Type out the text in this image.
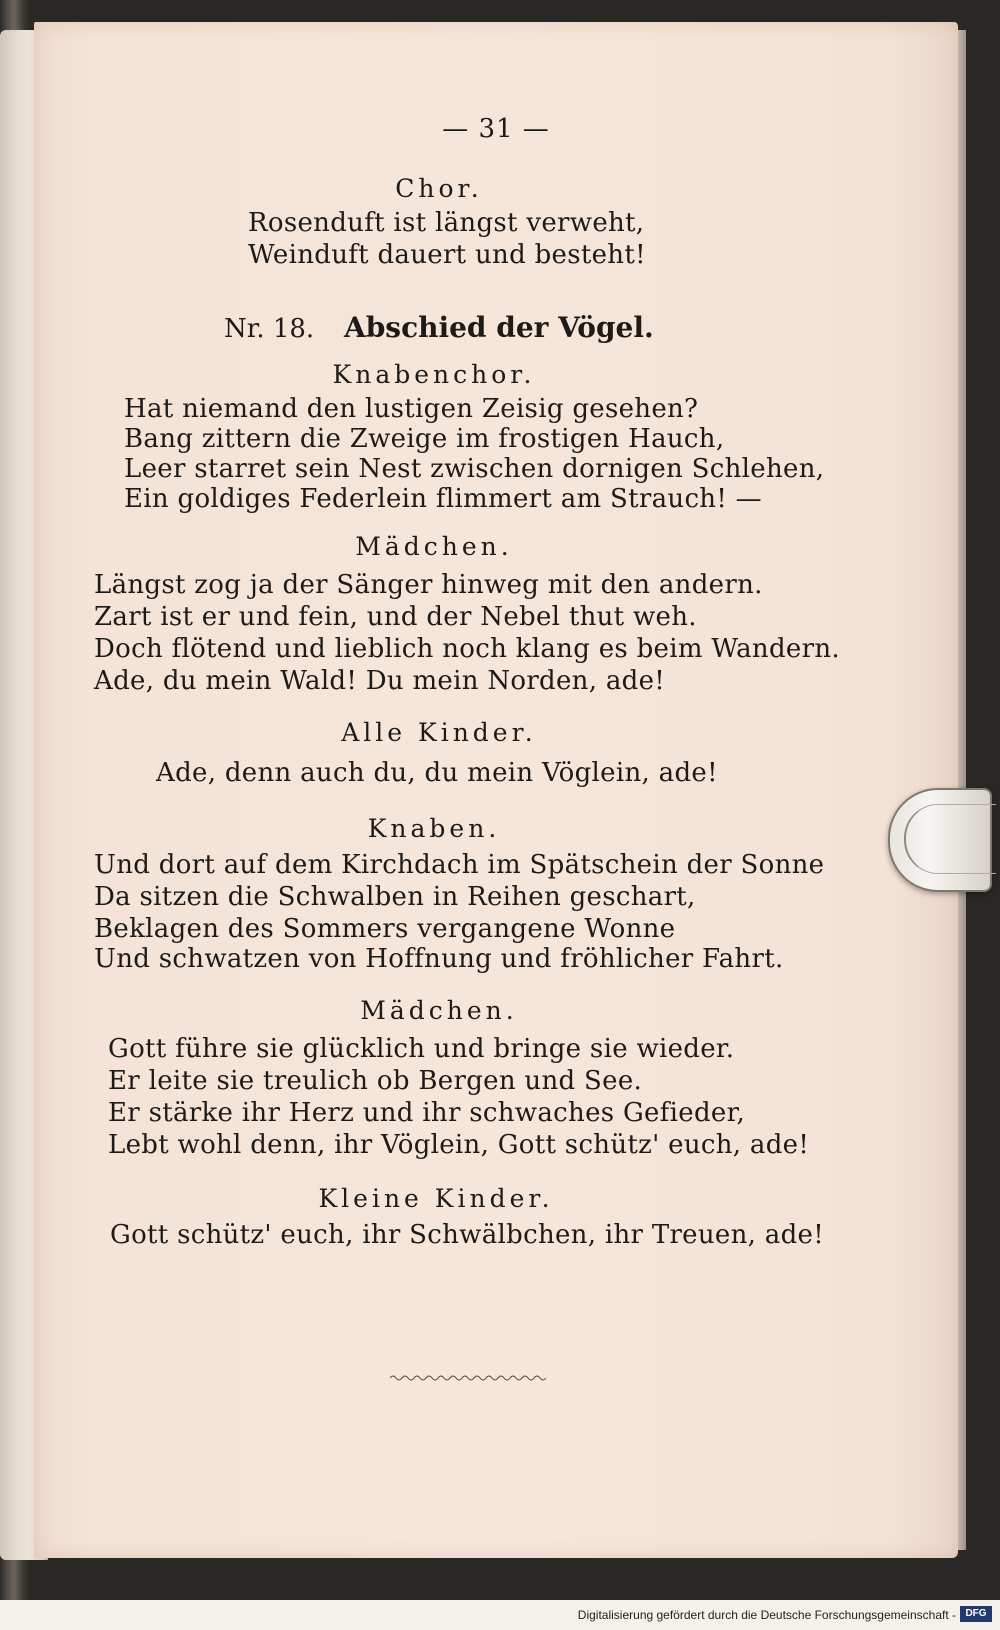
— 31 —

Chor.

Rosenduft ist längst verweht,

Weinduft dauert und besteht!

Nr. 18. Abschied der Vögel.

Knabenchor.

Hat niemand den lustigen Zeisig gesehen?

Bang zittern die Zweige im frostigen Hauch,

Leer starret sein Nest zwischen dornigen Schlehen,

Ein goldiges Federlein flimmert am Strauch! —

Mädchen.

Längst zog ja der Sänger hinweg mit den andern.

Zart ist er und fein, und der Nebel thut weh.

Doch flötend und lieblich noch klang es beim Wandern.

Ade, du mein Wald! Du mein Norden, ade!

Alle Kinder.

Ade, denn auch du, du mein Vöglein, ade!

Knaben.

Und dort auf dem Kirchdach im Spätschein der Sonne

Da sitzen die Schwalben in Reihen geschart,

Beklagen des Sommers vergangene Wonne

Und schwatzen von Hoffnung und fröhlicher Fahrt.

Mädchen.

Gott führe sie glücklich und bringe sie wieder.

Er leite sie treulich ob Bergen und See.

Er stärke ihr Herz und ihr schwaches Gefieder,

Lebt wohl denn, ihr Vöglein, Gott schütz' euch, ade!

Kleine Kinder.

Gott schütz' euch, ihr Schwälbchen, ihr Treuen, ade!

Digitalisierung gefördert durch die Deutsche Forschungsgemeinschaft - DFG
